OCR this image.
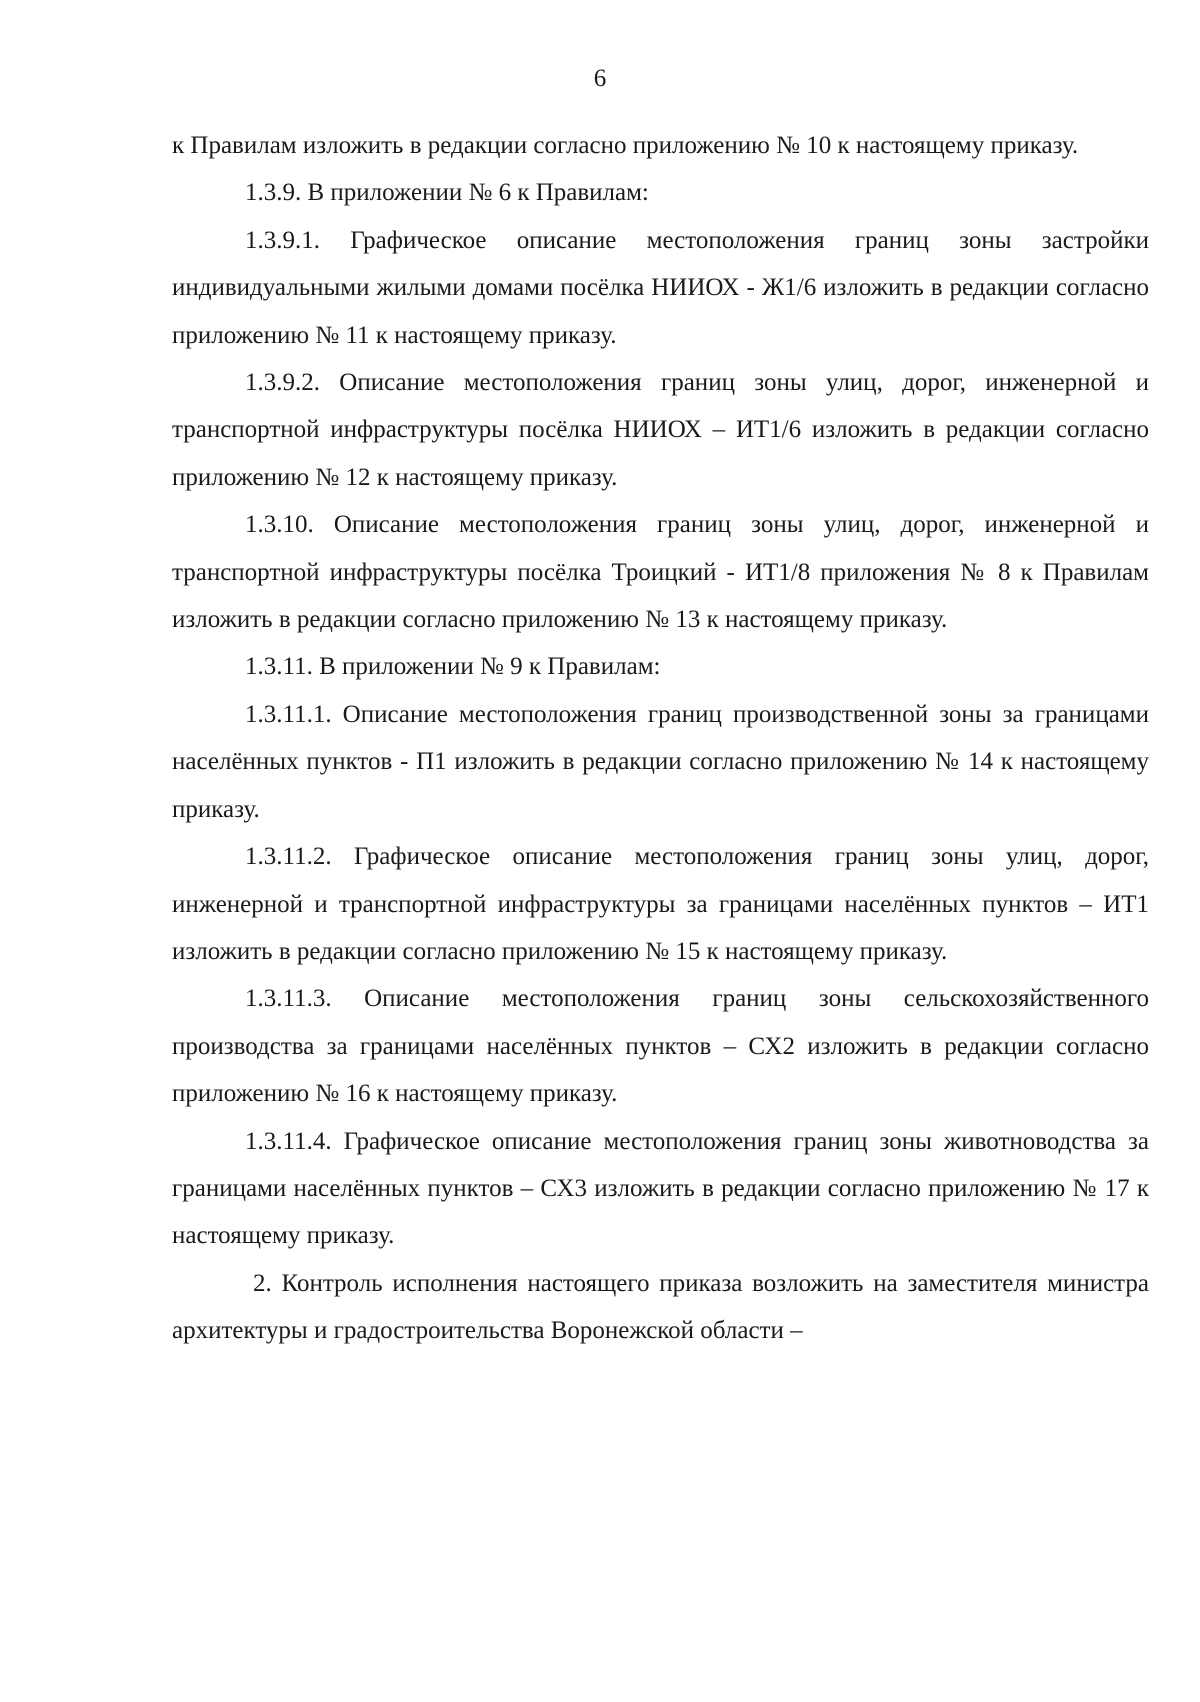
6

к Правилам изложить в редакции согласно приложению № 10 к настоящему приказу.

1.3.9. В приложении № 6 к Правилам:

1.3.9.1. Графическое описание местоположения границ зоны застройки индивидуальными жилыми домами посёлка НИИОХ - Ж1/6 изложить в редакции согласно приложению № 11 к настоящему приказу.

1.3.9.2. Описание местоположения границ зоны улиц, дорог, инженерной и транспортной инфраструктуры посёлка НИИОХ – ИТ1/6 изложить в редакции согласно приложению № 12 к настоящему приказу.

1.3.10. Описание местоположения границ зоны улиц, дорог, инженерной и транспортной инфраструктуры посёлка Троицкий - ИТ1/8 приложения № 8 к Правилам изложить в редакции согласно приложению № 13 к настоящему приказу.

1.3.11. В приложении № 9 к Правилам:

1.3.11.1. Описание местоположения границ производственной зоны за границами населённых пунктов - П1 изложить в редакции согласно приложению № 14 к настоящему приказу.

1.3.11.2. Графическое описание местоположения границ зоны улиц, дорог, инженерной и транспортной инфраструктуры за границами населённых пунктов – ИТ1 изложить в редакции согласно приложению № 15 к настоящему приказу.

1.3.11.3. Описание местоположения границ зоны сельскохозяйственного производства за границами населённых пунктов – СХ2 изложить в редакции согласно приложению № 16 к настоящему приказу.

1.3.11.4. Графическое описание местоположения границ зоны животноводства за границами населённых пунктов – СХ3 изложить в редакции согласно приложению № 17 к настоящему приказу.

2. Контроль исполнения настоящего приказа возложить на заместителя министра архитектуры и градостроительства Воронежской области –
